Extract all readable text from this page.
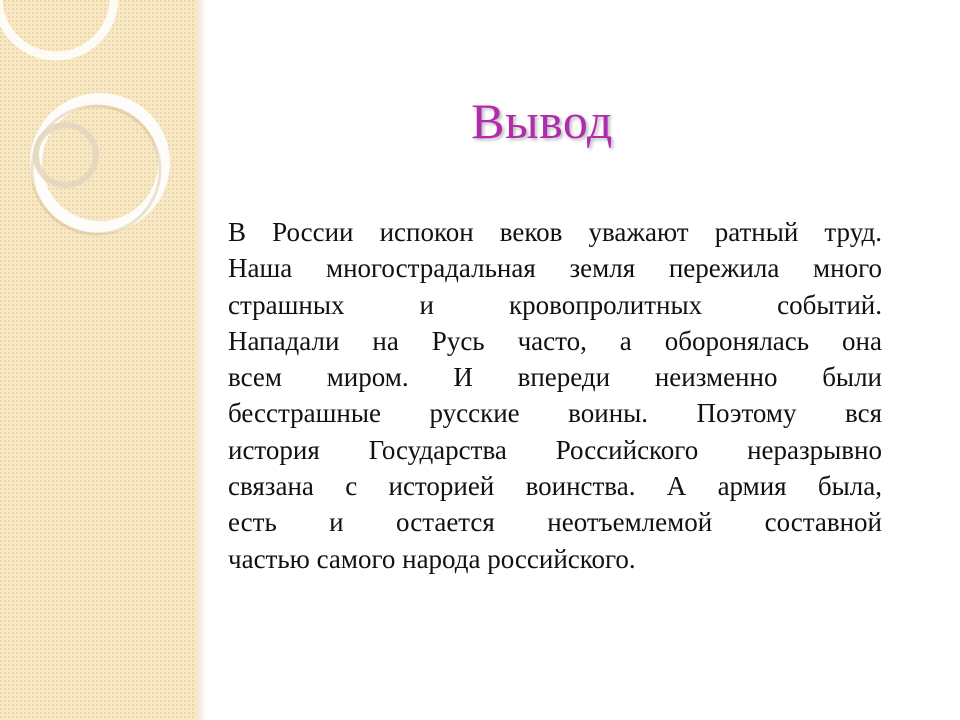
Вывод

В России испокон веков уважают ратный труд.
Наша многострадальная земля пережила много
страшных и кровопролитных событий.
Нападали на Русь часто, а оборонялась она
всем миром. И впереди неизменно были
бесстрашные русские воины. Поэтому вся
история Государства Российского неразрывно
связана с историей воинства. А армия была,
есть и остается неотъемлемой составной
частью самого народа российского.
